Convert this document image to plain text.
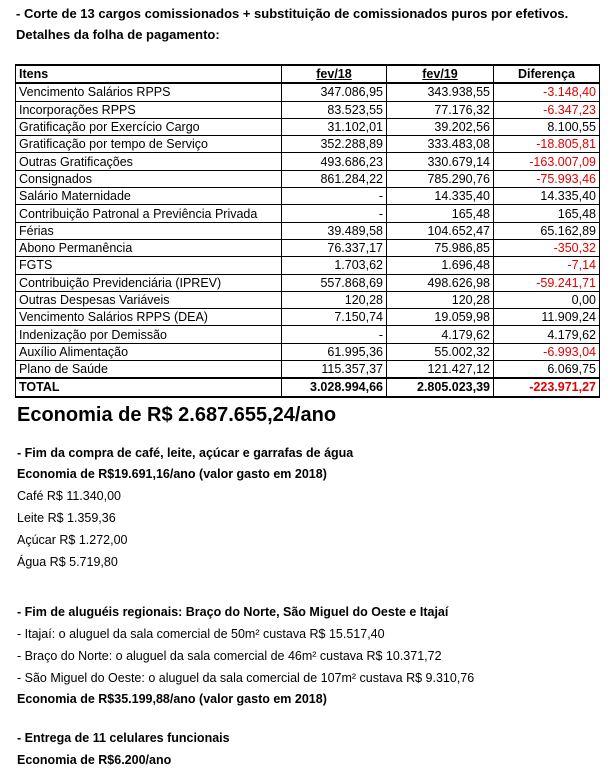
- Corte de 13 cargos comissionados + substituição de comissionados puros por efetivos.
Detalhes da folha de pagamento:
Itens	fev/18	fev/19	Diferença
Vencimento Salários RPPS	347.086,95	343.938,55	-3.148,40
Incorporações RPPS	83.523,55	77.176,32	-6.347,23
Gratificação por Exercício Cargo	31.102,01	39.202,56	8.100,55
Gratificação por tempo de Serviço	352.288,89	333.483,08	-18.805,81
Outras Gratificações	493.686,23	330.679,14	-163.007,09
Consignados	861.284,22	785.290,76	-75.993,46
Salário Maternidade	-	14.335,40	14.335,40
Contribuição Patronal a Previência Privada	-	165,48	165,48
Férias	39.489,58	104.652,47	65.162,89
Abono Permanência	76.337,17	75.986,85	-350,32
FGTS	1.703,62	1.696,48	-7,14
Contribuição Previdenciária (IPREV)	557.868,69	498.626,98	-59.241,71
Outras Despesas Variáveis	120,28	120,28	0,00
Vencimento Salários RPPS (DEA)	7.150,74	19.059,98	11.909,24
Indenização por Demissão	-	4.179,62	4.179,62
Auxílio Alimentação	61.995,36	55.002,32	-6.993,04
Plano de Saúde	115.357,37	121.427,12	6.069,75
TOTAL	3.028.994,66	2.805.023,39	-223.971,27
Economia de R$ 2.687.655,24/ano
- Fim da compra de café, leite, açúcar e garrafas de água
Economia de R$19.691,16/ano (valor gasto em 2018)
Café R$ 11.340,00
Leite R$ 1.359,36
Açúcar R$ 1.272,00
Água R$ 5.719,80
- Fim de aluguéis regionais: Braço do Norte, São Miguel do Oeste e Itajaí
- Itajaí: o aluguel da sala comercial de 50m² custava R$ 15.517,40
- Braço do Norte: o aluguel da sala comercial de 46m² custava R$ 10.371,72
- São Miguel do Oeste: o aluguel da sala comercial de 107m² custava R$ 9.310,76
Economia de R$35.199,88/ano (valor gasto em 2018)
- Entrega de 11 celulares funcionais
Economia de R$6.200/ano
